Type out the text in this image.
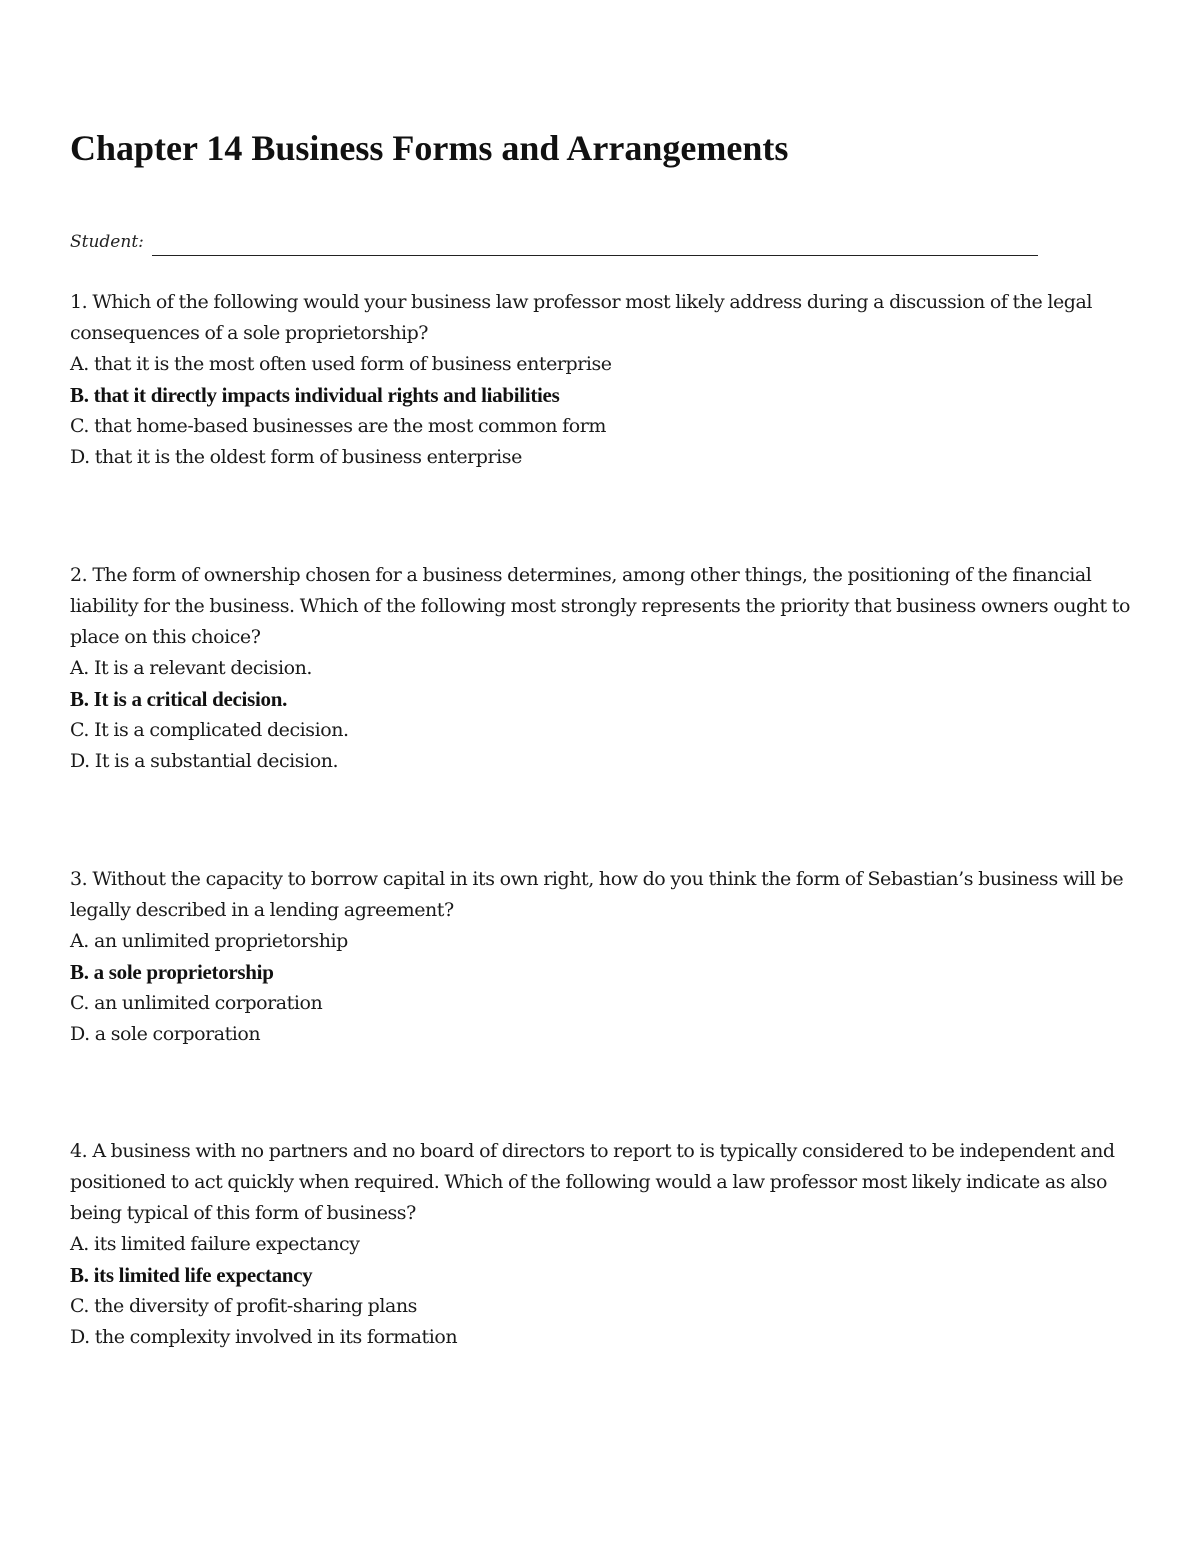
Chapter 14 Business Forms and Arrangements
Student:

1. Which of the following would your business law professor most likely address during a discussion of the legal consequences of a sole proprietorship?

A. that it is the most often used form of business enterprise

B. that it directly impacts individual rights and liabilities

C. that home-based businesses are the most common form

D. that it is the oldest form of business enterprise

2. The form of ownership chosen for a business determines, among other things, the positioning of the financial liability for the business. Which of the following most strongly represents the priority that business owners ought to place on this choice?

A. It is a relevant decision.

B. It is a critical decision.

C. It is a complicated decision.

D. It is a substantial decision.

3. Without the capacity to borrow capital in its own right, how do you think the form of Sebastian’s business will be legally described in a lending agreement?

A. an unlimited proprietorship

B. a sole proprietorship

C. an unlimited corporation

D. a sole corporation

4. A business with no partners and no board of directors to report to is typically considered to be independent and positioned to act quickly when required. Which of the following would a law professor most likely indicate as also being typical of this form of business?

A. its limited failure expectancy

B. its limited life expectancy

C. the diversity of profit-sharing plans

D. the complexity involved in its formation
